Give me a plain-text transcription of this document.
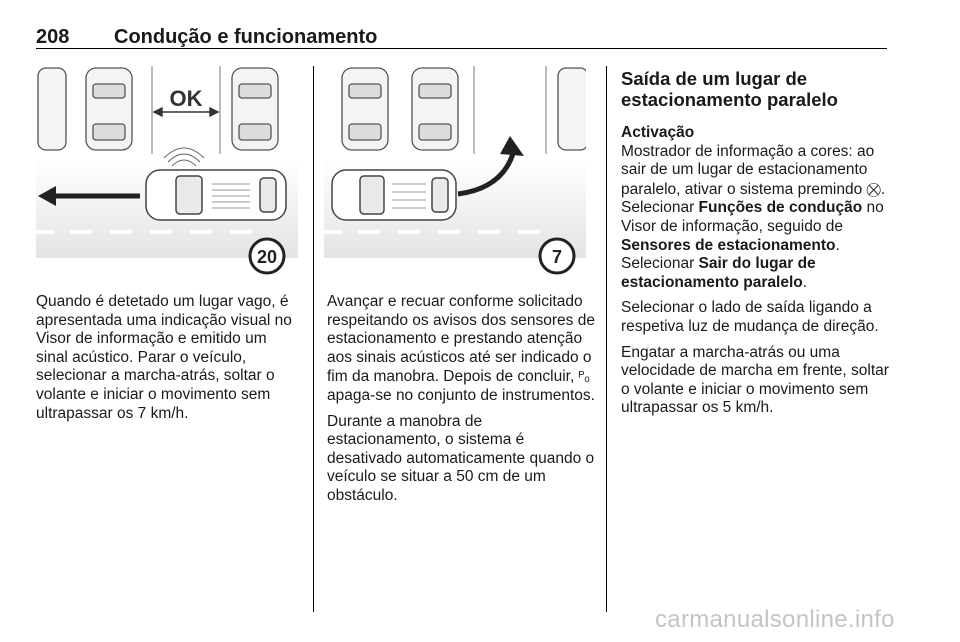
208 Condução e funcionamento
OK
20	7

Quando é detetado um lugar vago, é apresentada uma indicação visual no Visor de informação e emitido um sinal acústico. Parar o veículo, selecionar a marcha-atrás, soltar o volante e iniciar o movimento sem ultrapassar os 7 km/h.

Avançar e recuar conforme solicitado respeitando os avisos dos sensores de estacionamento e prestando atenção aos sinais acústicos até ser indicado o fim da manobra. Depois de concluir, ᴾₒ apaga-se no conjunto de instrumentos.

Durante a manobra de estacionamento, o sistema é desativado automaticamente quando o veículo se situar a 50 cm de um obstáculo.

Saída de um lugar de estacionamento paralelo
Activação

Mostrador de informação a cores: ao sair de um lugar de estacionamento paralelo, ativar o sistema premindo ⛒. Selecionar Funções de condução no Visor de informação, seguido de Sensores de estacionamento. Selecionar Sair do lugar de estacionamento paralelo.

Selecionar o lado de saída ligando a respetiva luz de mudança de direção.

Engatar a marcha-atrás ou uma velocidade de marcha em frente, soltar o volante e iniciar o movimento sem ultrapassar os 5 km/h.

carmanualsonline.info
